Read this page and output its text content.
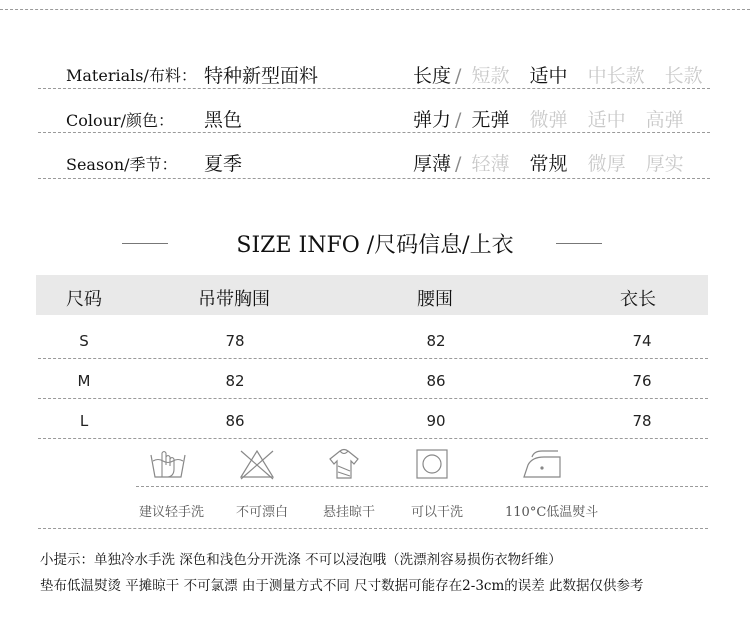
Materials/布料： 特种新型面料	长度 / 短款 适中 中长款 长款
Colour/颜色： 黑色	弹力 / 无弹 微弹 适中 高弹
Season/季节： 夏季	厚薄 / 轻薄 常规 微厚 厚实
SIZE INFO /尺码信息/上衣
尺码	吊带胸围	腰围	衣长
S	78	82	74
M	82	86	76
L	86	90	78
建议轻手洗 不可漂白	悬挂晾干	可以干洗	110°C低温熨斗
小提示：单独冷水手洗 深色和浅色分开洗涤 不可以浸泡哦（洗漂剂容易损伤衣物纤维）
垫布低温熨烫 平摊晾干 不可氯漂 由于测量方式不同 尺寸数据可能存在2-3cm的误差 此数据仅供参考
